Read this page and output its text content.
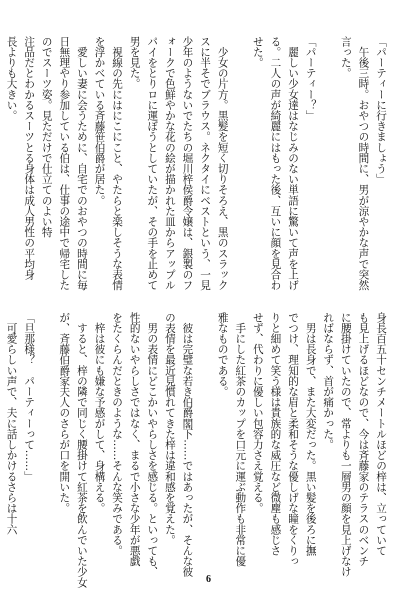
「パーティーに行きましょう」
　午後三時。おやつの時間に、男が涼やかな声で突然
言った。
「パーティー？」
　麗しい少女達はなじみのない単語に驚いて声を上げ
る。二人の声が綺麗にはもった後、互いに顔を見合わ
せた。
　少女の片方。黒髪を短く切りそろえ、黒のスラック
スに半そでブラウス。ネクタイにベストという、一見
少年のようないでたちの堀川梓侯爵令嬢は、銀製のフ
ォークで色鮮やかな花の絵が描かれた皿からアップル
パイをとりロに運ぼうとしていたが、その手を止めて
男を見た。
　視線の先にはにこにこと、やたらと楽しそうな表情
を浮かべている斉藤笹伯爵が居た。
　愛しい妻に会うために、自宅でのおやつの時間に毎
日無理やり参加している伯は、仕事の途中で帰宅した
のでスーツ姿。見ただけで仕立てのよい特
注品だとわかるスーツとる身体は成人男性の平均身
長よりも大きい。
身長百五十センチメートルほどの梓は、立っていて
も見上げるほどなので、今は斉藤家のテラスのベンチ
に腰掛けていたので、常よりも一層男の顔を見上げなけ
ればならず、首が痛かった。
　男は長身で、また大変だった。黒い髪を後ろに撫
でつけ、理知的な眉と柔和そうな優しげな瞳をくりっ
りと細めて笑う様は貴族的な威圧など微塵も感じさ
せず、代わりに優しい包容力さえ覚える。
　手にした紅茶のカップを口元に運ぶ動作も非常に優
雅なものである。
　彼は完璧な若き伯爵閣下……ではあったが、そんな彼
の表情を最近見慣れてきた梓は違和感を覚えた。
　男の表情にどこかいやらしさを感じる。といっても、
性的ないやらしさではなく、まるで小さな少年が悪戯
をたくらんだときのような……そんな笑みである。
　梓は彼にも嫌な予感がして、身構える。
　すると、梓の隣で同じく腰掛けて紅茶を飲んでいた少女
が、斉藤伯爵家夫人のさらが口を開いた。
「旦那様？　パーティーって……」
　可愛らしい声で、夫に話しかけるさらは十六
6
